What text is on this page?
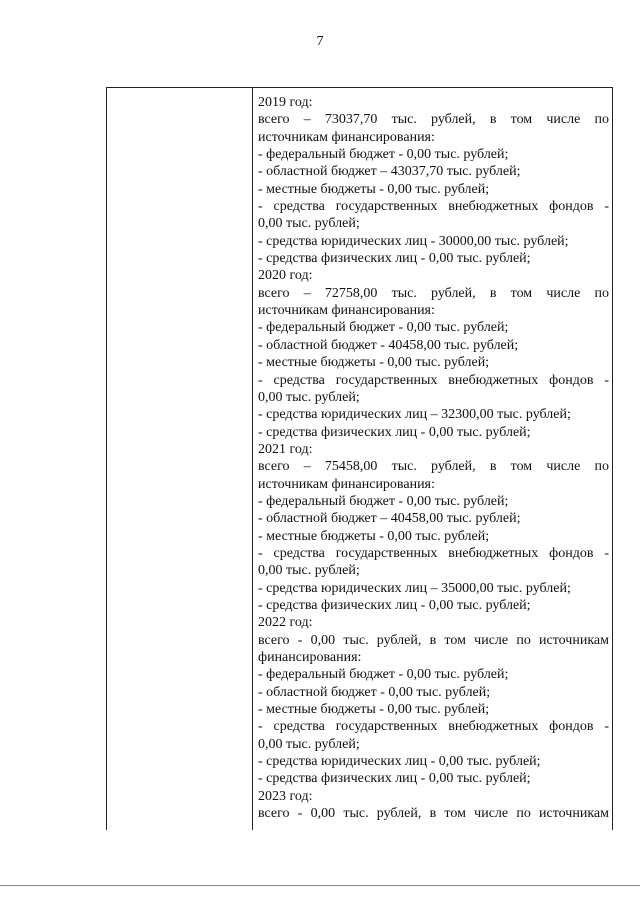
7
2019 год:
всего – 73037,70 тыс. рублей, в том числе по
источникам финансирования:
- федеральный бюджет - 0,00 тыс. рублей;
- областной бюджет – 43037,70 тыс. рублей;
- местные бюджеты - 0,00 тыс. рублей;
- средства государственных внебюджетных фондов -
0,00 тыс. рублей;
- средства юридических лиц - 30000,00 тыс. рублей;
- средства физических лиц - 0,00 тыс. рублей;
2020 год:
всего – 72758,00 тыс. рублей, в том числе по
источникам финансирования:
- федеральный бюджет - 0,00 тыс. рублей;
- областной бюджет - 40458,00 тыс. рублей;
- местные бюджеты - 0,00 тыс. рублей;
- средства государственных внебюджетных фондов -
0,00 тыс. рублей;
- средства юридических лиц – 32300,00 тыс. рублей;
- средства физических лиц - 0,00 тыс. рублей;
2021 год:
всего – 75458,00 тыс. рублей, в том числе по
источникам финансирования:
- федеральный бюджет - 0,00 тыс. рублей;
- областной бюджет – 40458,00 тыс. рублей;
- местные бюджеты - 0,00 тыс. рублей;
- средства государственных внебюджетных фондов -
0,00 тыс. рублей;
- средства юридических лиц – 35000,00 тыс. рублей;
- средства физических лиц - 0,00 тыс. рублей;
2022 год:
всего - 0,00 тыс. рублей, в том числе по источникам
финансирования:
- федеральный бюджет - 0,00 тыс. рублей;
- областной бюджет - 0,00 тыс. рублей;
- местные бюджеты - 0,00 тыс. рублей;
- средства государственных внебюджетных фондов -
0,00 тыс. рублей;
- средства юридических лиц - 0,00 тыс. рублей;
- средства физических лиц - 0,00 тыс. рублей;
2023 год:
всего - 0,00 тыс. рублей, в том числе по источникам
